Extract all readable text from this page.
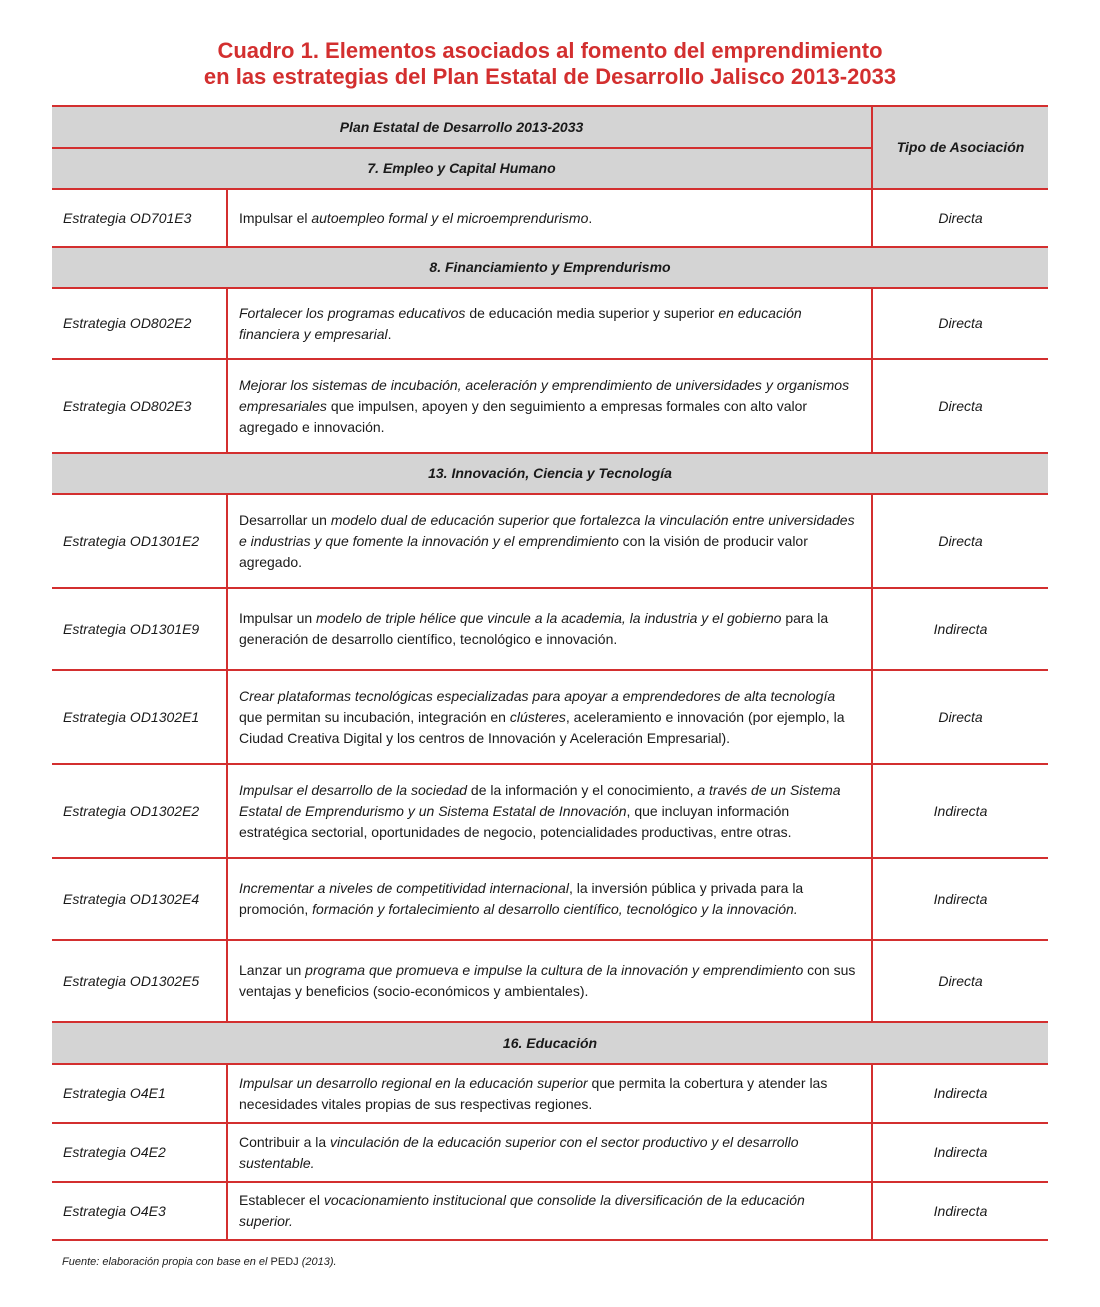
Cuadro 1. Elementos asociados al fomento del emprendimiento
en las estrategias del Plan Estatal de Desarrollo Jalisco 2013-2033
Plan Estatal de Desarrollo 2013-2033		Tipo de Asociación
7. Empleo y Capital Humano		
Estrategia OD701E3	Impulsar el autoempleo formal y el microemprendurismo.	Directa
8. Financiamiento y Emprendurismo		
Estrategia OD802E2	Fortalecer los programas educativos de educación media superior y superior en educación financiera y empresarial.	Directa
Estrategia OD802E3	Mejorar los sistemas de incubación, aceleración y emprendimiento de universidades y organismos empresariales que impulsen, apoyen y den seguimiento a empresas formales con alto valor agregado e innovación.	Directa
13. Innovación, Ciencia y Tecnología		
Estrategia OD1301E2	Desarrollar un modelo dual de educación superior que fortalezca la vinculación entre universidades e industrias y que fomente la innovación y el emprendimiento con la visión de producir valor agregado.	Directa
Estrategia OD1301E9	Impulsar un modelo de triple hélice que vincule a la academia, la industria y el gobierno para la generación de desarrollo científico, tecnológico e innovación.	Indirecta
Estrategia OD1302E1	Crear plataformas tecnológicas especializadas para apoyar a emprendedores de alta tecnología que permitan su incubación, integración en clústeres, aceleramiento e innovación (por ejemplo, la Ciudad Creativa Digital y los centros de Innovación y Aceleración Empresarial).	Directa
Estrategia OD1302E2	Impulsar el desarrollo de la sociedad de la información y el conocimiento, a través de un Sistema Estatal de Emprendurismo y un Sistema Estatal de Innovación, que incluyan información estratégica sectorial, oportunidades de negocio, potencialidades productivas, entre otras.	Indirecta
Estrategia OD1302E4	Incrementar a niveles de competitividad internacional, la inversión pública y privada para la promoción, formación y fortalecimiento al desarrollo científico, tecnológico y la innovación.	Indirecta
Estrategia OD1302E5	Lanzar un programa que promueva e impulse la cultura de la innovación y emprendimiento con sus ventajas y beneficios (socio-económicos y ambientales).	Directa
16. Educación		
Estrategia O4E1	Impulsar un desarrollo regional en la educación superior que permita la cobertura y atender las necesidades vitales propias de sus respectivas regiones.	Indirecta
Estrategia O4E2	Contribuir a la vinculación de la educación superior con el sector productivo y el desarrollo sustentable.	Indirecta
Estrategia O4E3	Establecer el vocacionamiento institucional que consolide la diversificación de la educación superior.	Indirecta
Fuente: elaboración propia con base en el PEDJ (2013).
